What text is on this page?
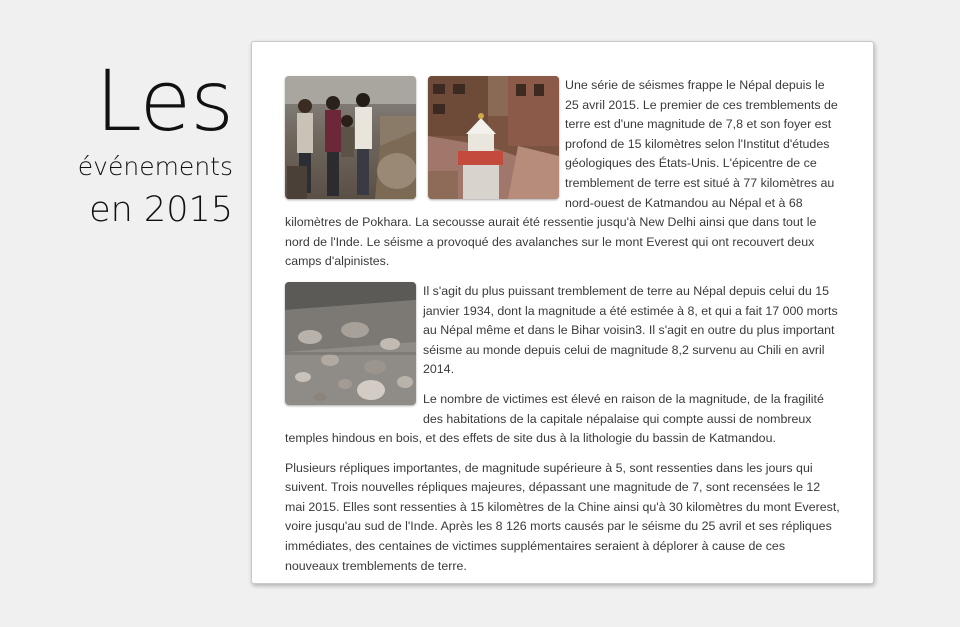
Les
événements
en 2015

Une série de séismes frappe le Népal depuis le 25 avril 2015. Le premier de ces tremblements de terre est d'une magnitude de 7,8 et son foyer est profond de 15 kilomètres selon l'Institut d'études géologiques des États-Unis. L'épicentre de ce tremblement de terre est situé à 77 kilomètres au nord-ouest de Katmandou au Népal et à 68 kilomètres de Pokhara. La secousse aurait été ressentie jusqu'à New Delhi ainsi que dans tout le nord de l'Inde. Le séisme a provoqué des avalanches sur le mont Everest qui ont recouvert deux camps d'alpinistes.

Il s'agit du plus puissant tremblement de terre au Népal depuis celui du 15 janvier 1934, dont la magnitude a été estimée à 8, et qui a fait 17 000 morts au Népal même et dans le Bihar voisin3. Il s'agit en outre du plus important séisme au monde depuis celui de magnitude 8,2 survenu au Chili en avril 2014.

Le nombre de victimes est élevé en raison de la magnitude, de la fragilité des habitations de la capitale népalaise qui compte aussi de nombreux temples hindous en bois, et des effets de site dus à la lithologie du bassin de Katmandou.

Plusieurs répliques importantes, de magnitude supérieure à 5, sont ressenties dans les jours qui suivent. Trois nouvelles répliques majeures, dépassant une magnitude de 7, sont recensées le 12 mai 2015. Elles sont ressenties à 15 kilomètres de la Chine ainsi qu'à 30 kilomètres du mont Everest, voire jusqu'au sud de l'Inde. Après les 8 126 morts causés par le séisme du 25 avril et ses répliques immédiates, des centaines de victimes supplémentaires seraient à déplorer à cause de ces nouveaux tremblements de terre.
